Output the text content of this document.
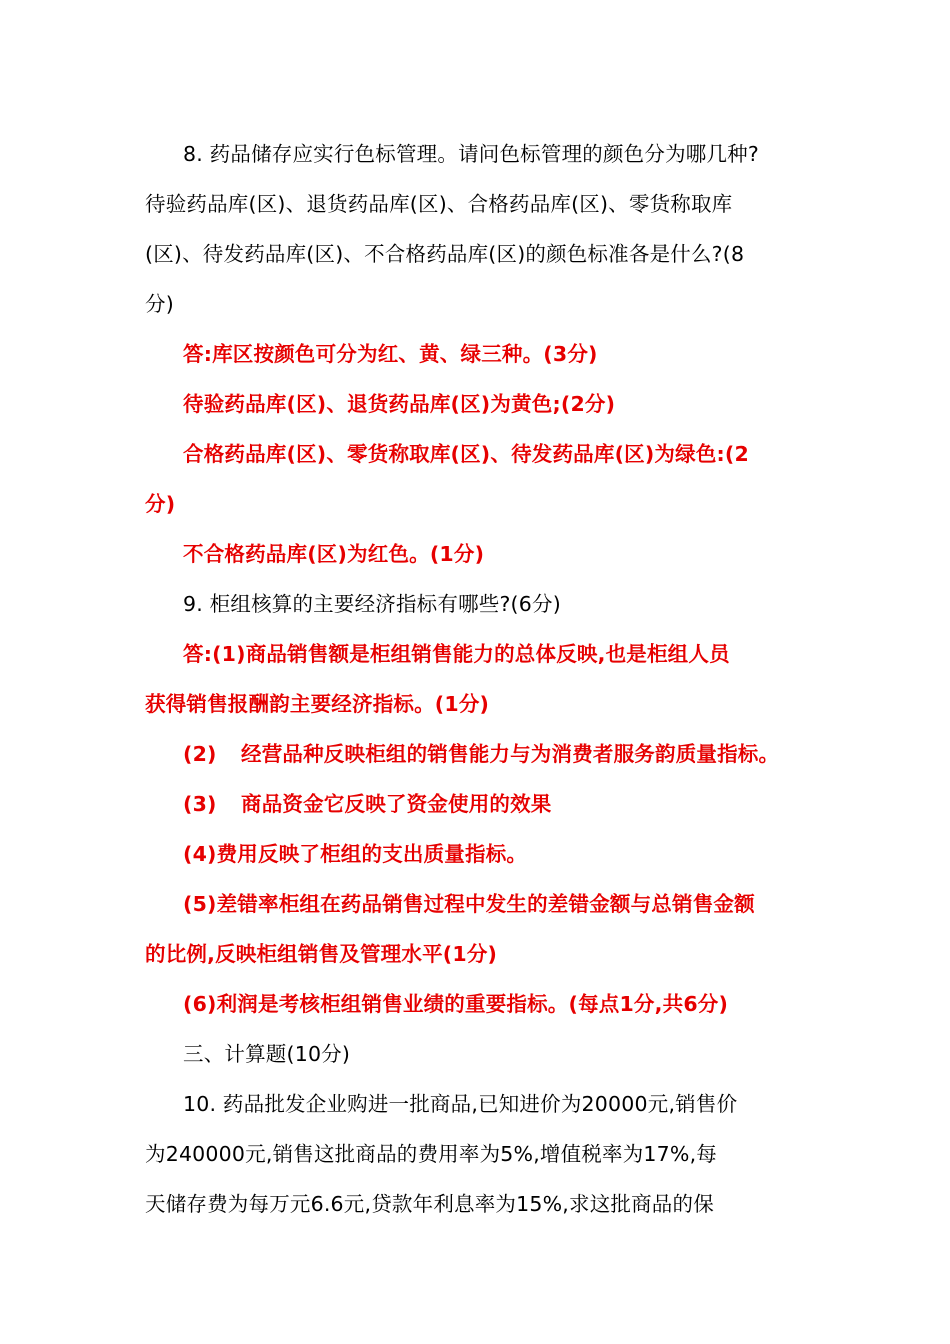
8. 药品储存应实行色标管理。请问色标管理的颜色分为哪几种?
待验药品库(区)、退货药品库(区)、合格药品库(区)、零货称取库
(区)、待发药品库(区)、不合格药品库(区)的颜色标准各是什么?(8
分)
答:库区按颜色可分为红、黄、绿三种。(3分)
待验药品库(区)、退货药品库(区)为黄色;(2分)
合格药品库(区)、零货称取库(区)、待发药品库(区)为绿色:(2
分)
不合格药品库(区)为红色。(1分)
9. 柜组核算的主要经济指标有哪些?(6分)
答:(1)商品销售额是柜组销售能力的总体反映,也是柜组人员
获得销售报酬韵主要经济指标。(1分)
(2) 经营品种反映柜组的销售能力与为消费者服务韵质量指标。
(3) 商品资金它反映了资金使用的效果
(4)费用反映了柜组的支出质量指标。
(5)差错率柜组在药品销售过程中发生的差错金额与总销售金额
的比例,反映柜组销售及管理水平(1分)
(6)利润是考核柜组销售业绩的重要指标。(每点1分,共6分)
三、计算题(10分)
10. 药品批发企业购进一批商品,已知进价为20000元,销售价
为240000元,销售这批商品的费用率为5%,增值税率为17%,每
天储存费为每万元6.6元,贷款年利息率为15%,求这批商品的保
